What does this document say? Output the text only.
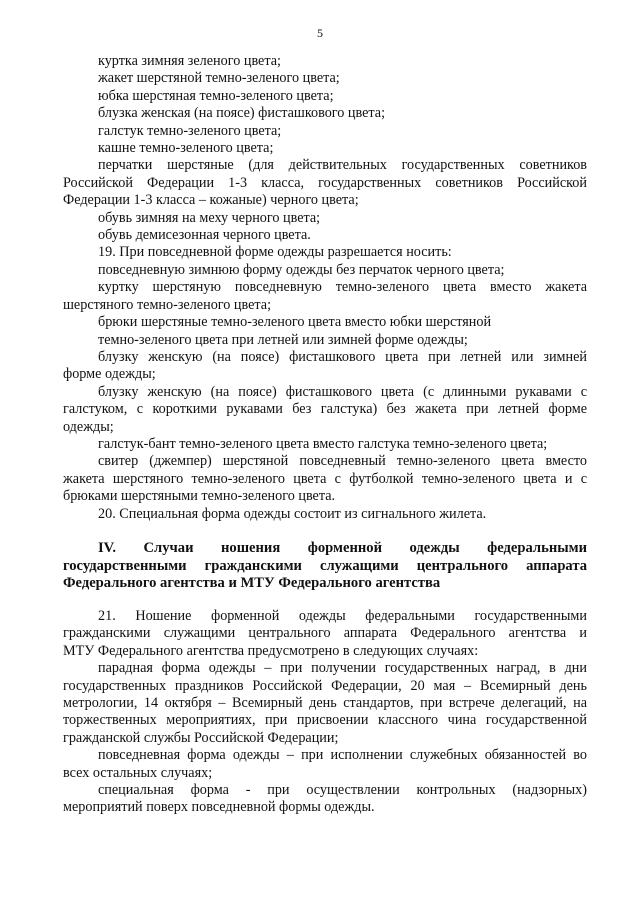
5
куртка зимняя зеленого цвета;
жакет шерстяной темно-зеленого цвета;
юбка шерстяная темно-зеленого цвета;
блузка женская (на поясе) фисташкового цвета;
галстук темно-зеленого цвета;
кашне темно-зеленого цвета;
перчатки шерстяные (для действительных государственных советников
Российской Федерации 1-3 класса, государственных советников Российской
Федерации 1-3 класса – кожаные) черного цвета;
обувь зимняя на меху черного цвета;
обувь демисезонная черного цвета.
19. При повседневной форме одежды разрешается носить:
повседневную зимнюю форму одежды без перчаток черного цвета;
куртку шерстяную повседневную темно-зеленого цвета вместо жакета
шерстяного темно-зеленого цвета;
брюки шерстяные темно-зеленого цвета вместо юбки шерстяной
темно-зеленого цвета при летней или зимней форме одежды;
блузку женскую (на поясе) фисташкового цвета при летней или зимней
форме одежды;
блузку женскую (на поясе) фисташкового цвета (с длинными рукавами с
галстуком, с короткими рукавами без галстука) без жакета при летней форме
одежды;
галстук-бант темно-зеленого цвета вместо галстука темно-зеленого цвета;
свитер (джемпер) шерстяной повседневный темно-зеленого цвета вместо
жакета шерстяного темно-зеленого цвета с футболкой темно-зеленого цвета и с
брюками шерстяными темно-зеленого цвета.
20. Специальная форма одежды состоит из сигнального жилета.
IV. Случаи ношения форменной одежды федеральными
государственными гражданскими служащими центрального аппарата
Федерального агентства и МТУ Федерального агентства
21. Ношение форменной одежды федеральными государственными
гражданскими служащими центрального аппарата Федерального агентства и
МТУ Федерального агентства предусмотрено в следующих случаях:
парадная форма одежды – при получении государственных наград, в дни
государственных праздников Российской Федерации, 20 мая – Всемирный день
метрологии, 14 октября – Всемирный день стандартов, при встрече делегаций, на
торжественных мероприятиях, при присвоении классного чина государственной
гражданской службы Российской Федерации;
повседневная форма одежды – при исполнении служебных обязанностей во
всех остальных случаях;
специальная форма - при осуществлении контрольных (надзорных)
мероприятий поверх повседневной формы одежды.
